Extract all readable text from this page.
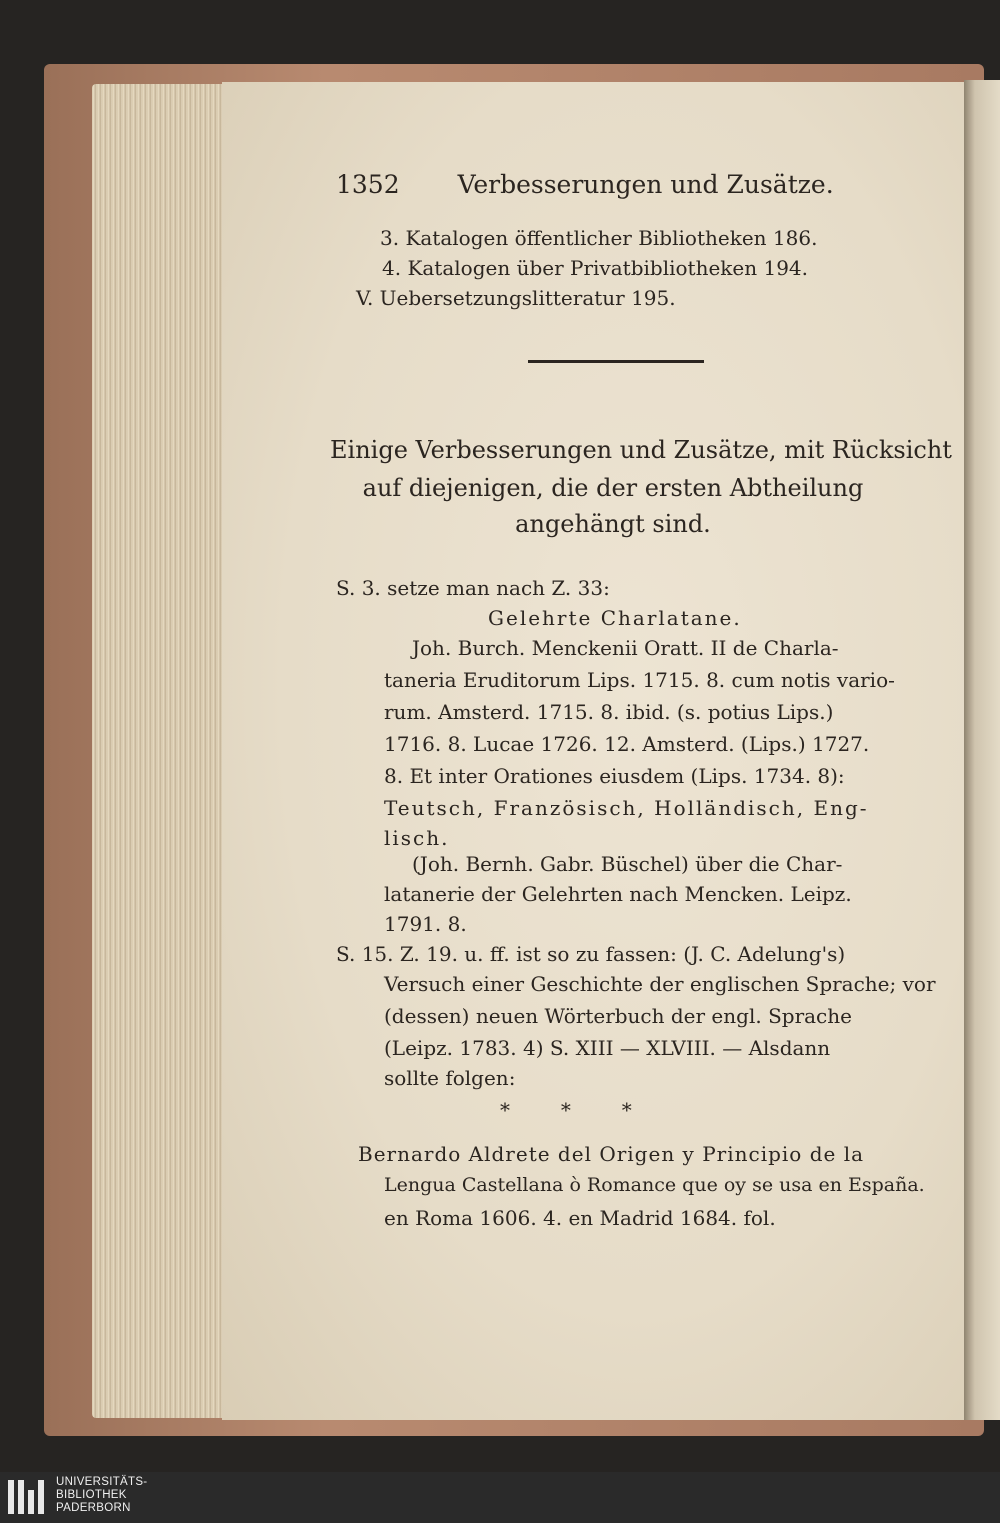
1352 Verbesserungen und Zusätze.
3. Katalogen öffentlicher Bibliotheken 186.
4. Katalogen über Privatbibliotheken 194.
V. Uebersetzungslitteratur 195.
Einige Verbesserungen und Zusätze, mit Rücksicht
auf diejenigen, die der ersten Abtheilung
angehängt sind.
S. 3. setze man nach Z. 33:
Gelehrte Charlatane.
Joh. Burch. Menckenii Oratt. II de Charla-
taneria Eruditorum Lips. 1715. 8. cum notis vario-
rum. Amsterd. 1715. 8. ibid. (s. potius Lips.)
1716. 8. Lucae 1726. 12. Amsterd. (Lips.) 1727.
8. Et inter Orationes eiusdem (Lips. 1734. 8):
Teutsch, Französisch, Holländisch, Eng-
lisch.
(Joh. Bernh. Gabr. Büschel) über die Char-
latanerie der Gelehrten nach Mencken. Leipz.
1791. 8.
S. 15. Z. 19. u. ff. ist so zu fassen: (J. C. Adelung's)
Versuch einer Geschichte der englischen Sprache; vor
(dessen) neuen Wörterbuch der engl. Sprache
(Leipz. 1783. 4) S. XIII — XLVIII. — Alsdann
sollte folgen:
*        *        *
Bernardo Aldrete del Origen y Principio de la
Lengua Castellana ò Romance que oy se usa en España.
en Roma 1606. 4. en Madrid 1684. fol.
UNIVERSITÄTS-
BIBLIOTHEK
PADERBORN
